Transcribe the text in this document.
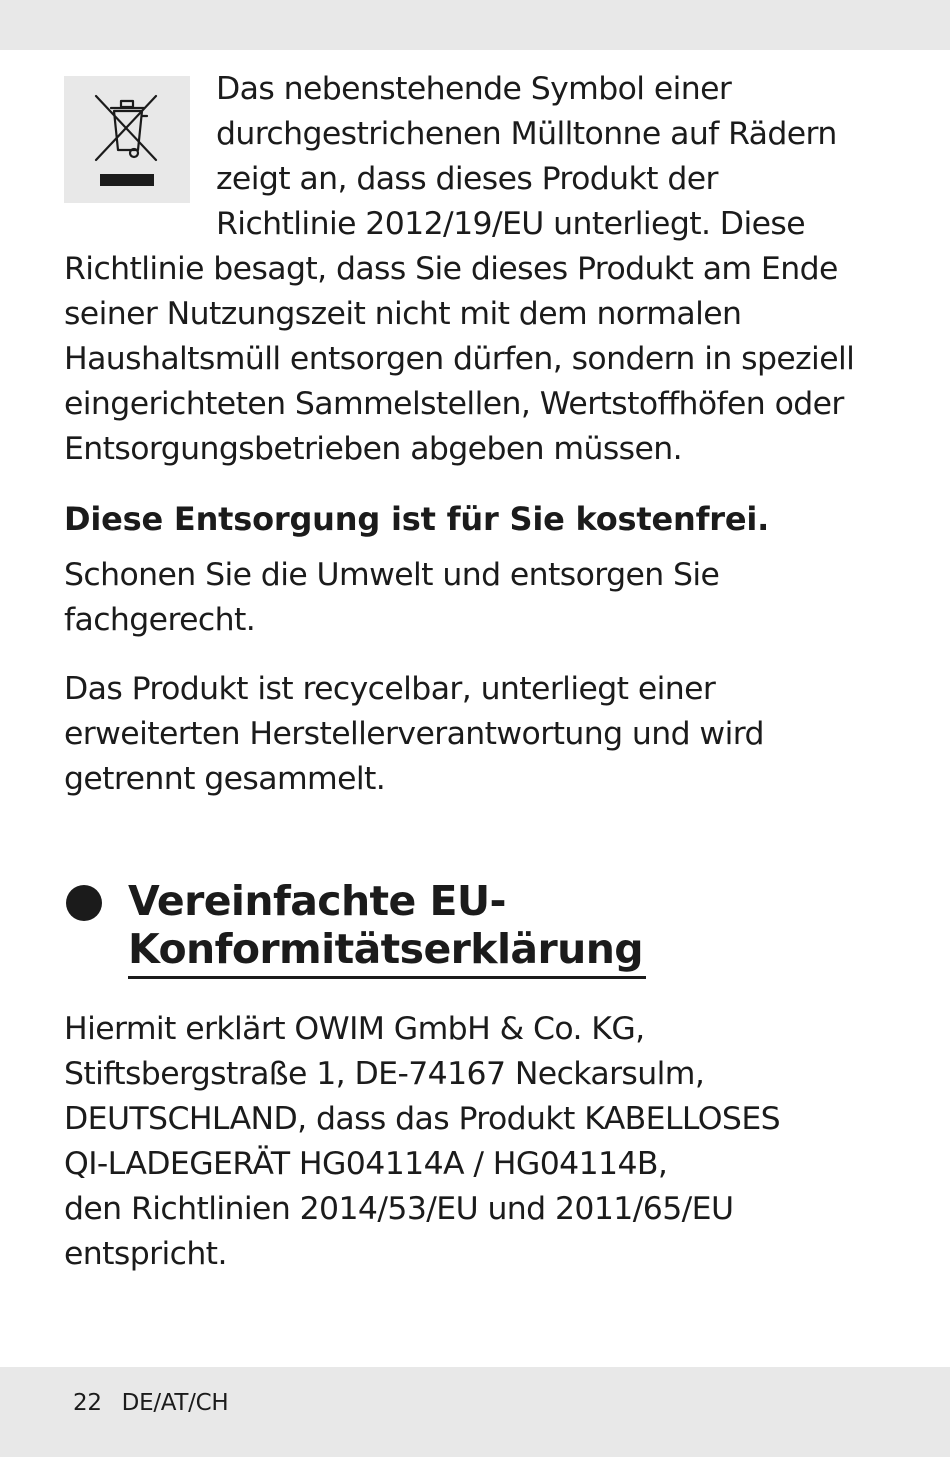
Das nebenstehende Symbol einer
durchgestrichenen Mülltonne auf Rädern
zeigt an, dass dieses Produkt der
Richtlinie 2012/19/EU unterliegt. Diese
Richtlinie besagt, dass Sie dieses Produkt am Ende
seiner Nutzungszeit nicht mit dem normalen
Haushaltsmüll entsorgen dürfen, sondern in speziell
eingerichteten Sammelstellen, Wertstoffhöfen oder
Entsorgungsbetrieben abgeben müssen.
Diese Entsorgung ist für Sie kostenfrei.
Schonen Sie die Umwelt und entsorgen Sie
fachgerecht.
Das Produkt ist recycelbar, unterliegt einer
erweiterten Herstellerverantwortung und wird
getrennt gesammelt.
Vereinfachte EU-
Konformitätserklärung
Hiermit erklärt OWIM GmbH & Co. KG,
Stiftsbergstraße 1, DE-74167 Neckarsulm,
DEUTSCHLAND, dass das Produkt KABELLOSES
QI-LADEGERÄT HG04114A / HG04114B,
den Richtlinien 2014/53/EU und 2011/65/EU
entspricht.
22 DE/AT/CH
